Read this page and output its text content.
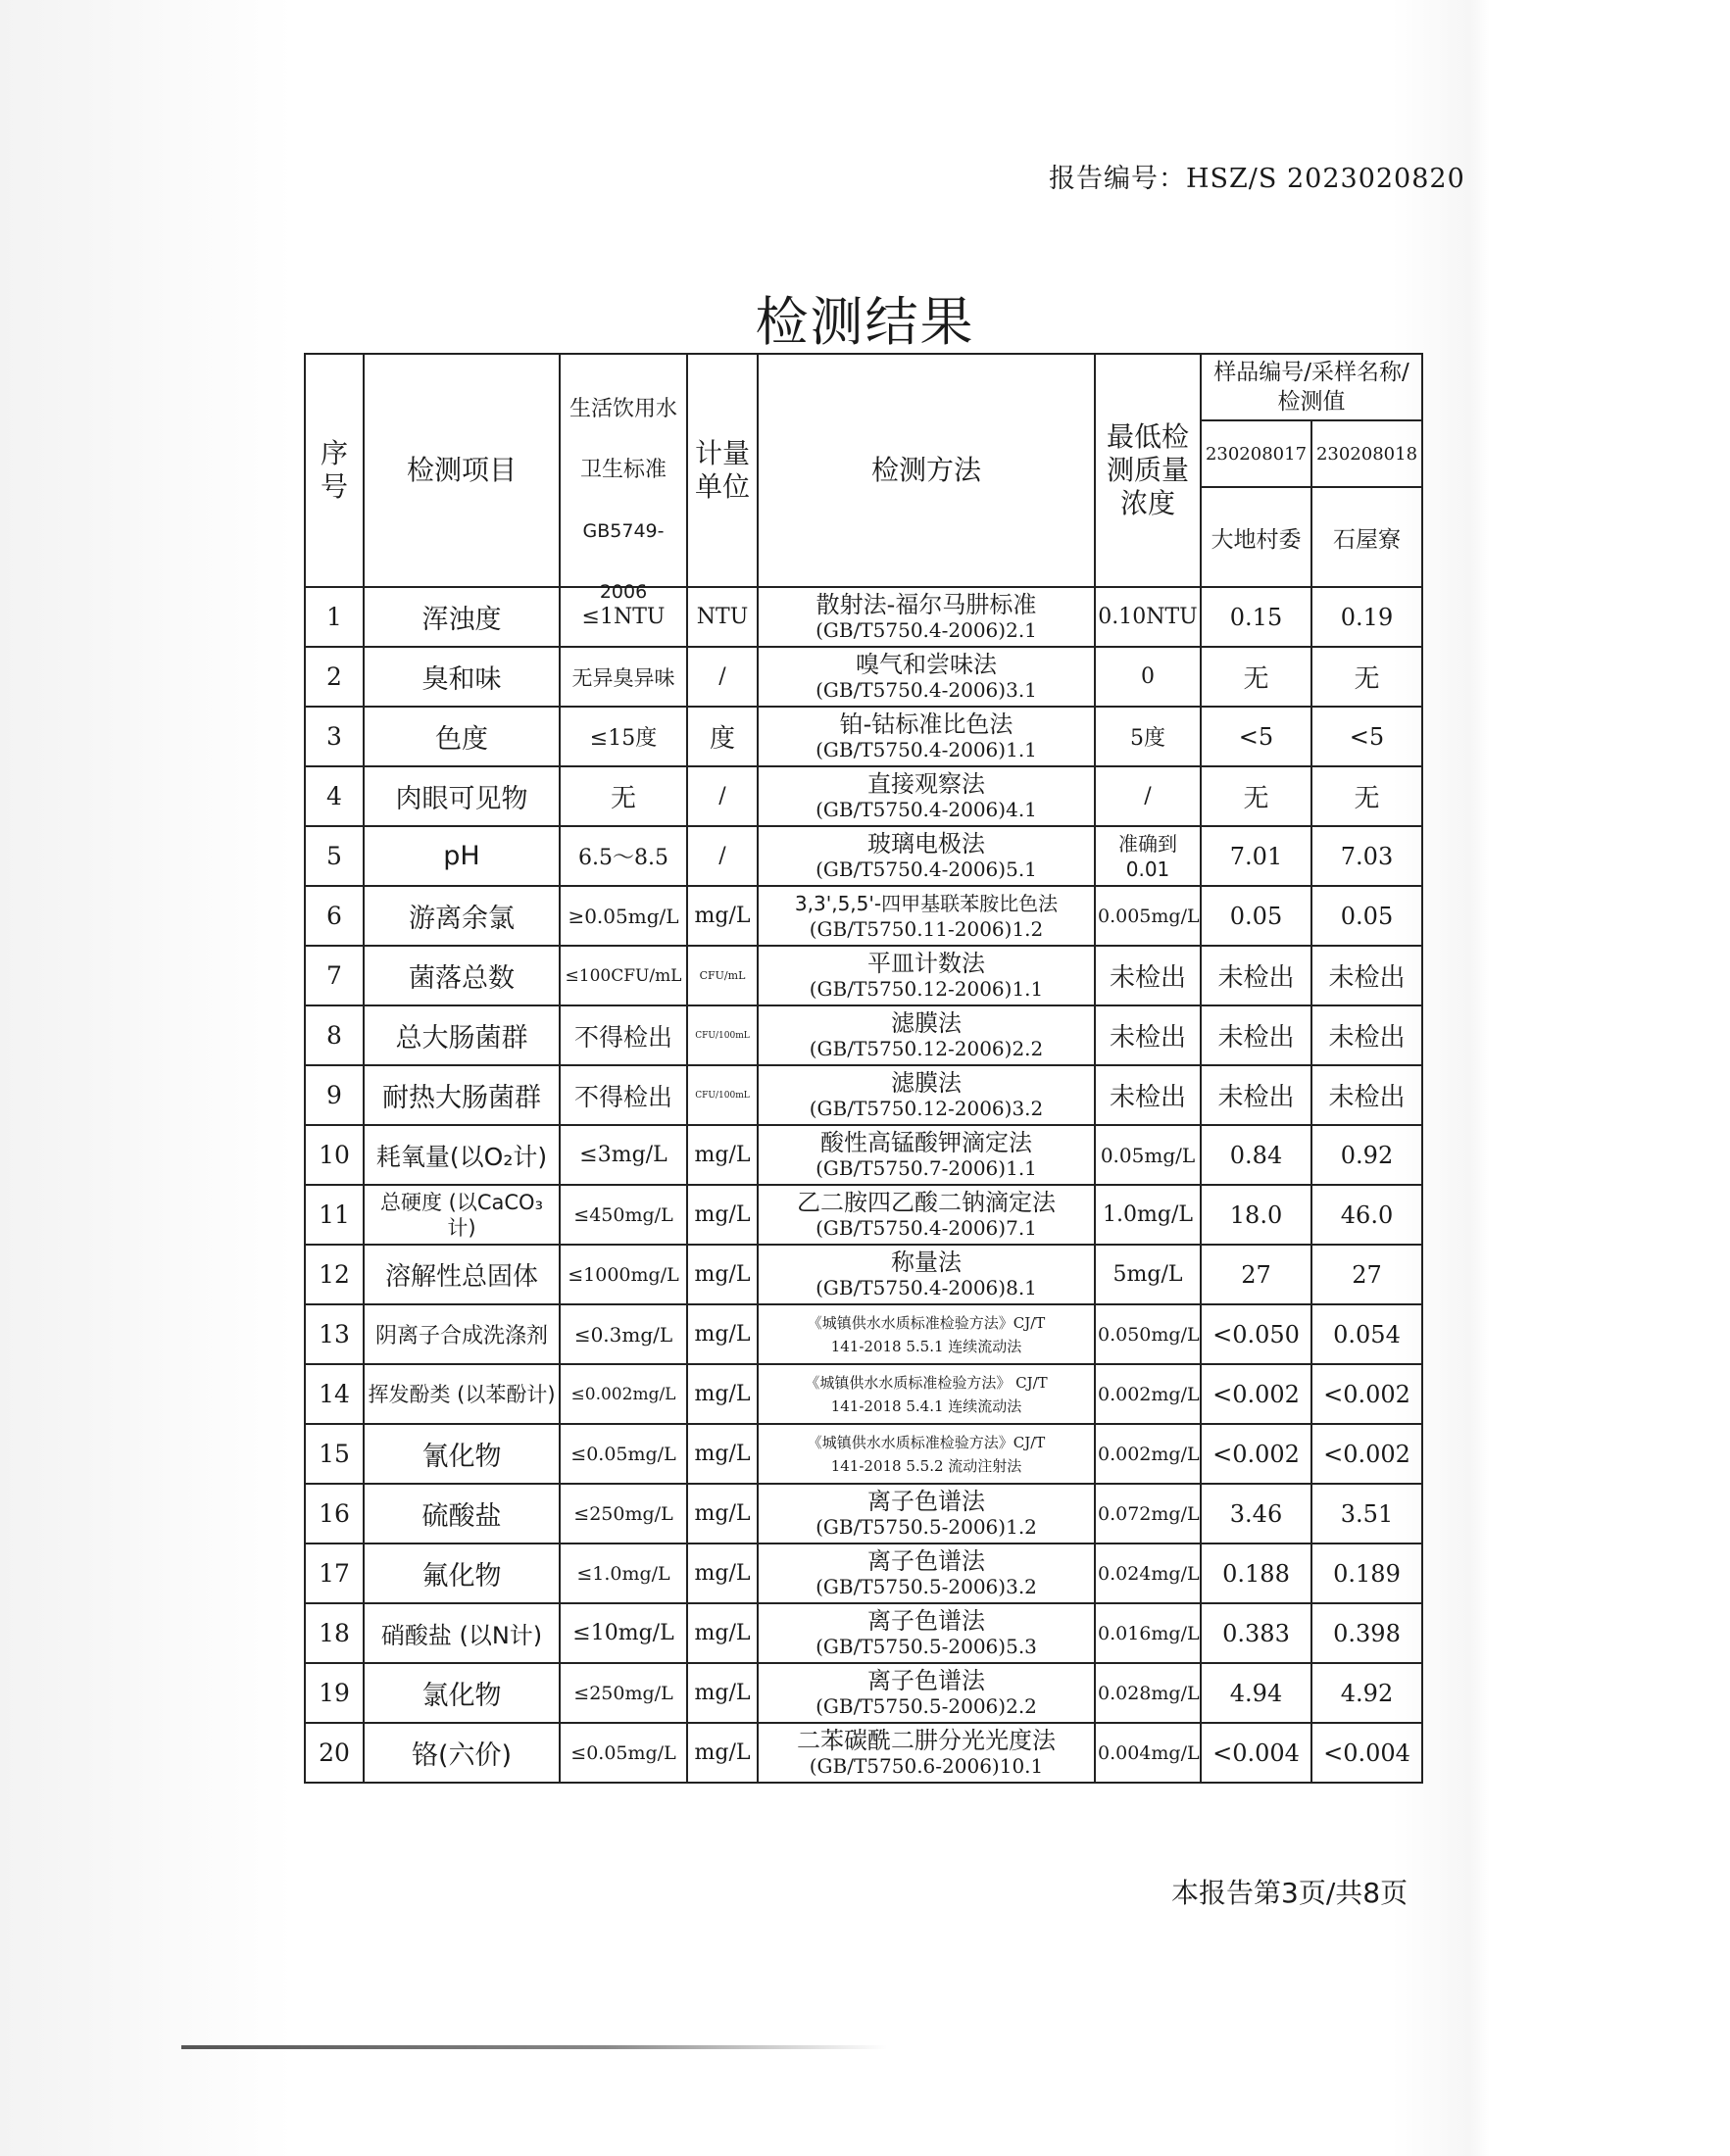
报告编号：HSZ/S 2023020820
检测结果
序号	检测项目	生活饮用水
卫生标准
GB5749-2006	计量单位	检测方法	最低检测质量浓度	样品编号/采样名称/检测值	
						230208017	230208018
						大地村委	石屋寮
1	浑浊度	≤1NTU	NTU	散射法-福尔马肼标准
(GB/T5750.4-2006)2.1	0.10NTU	0.15	0.19
2	臭和味	无异臭异味	/	嗅气和尝味法
(GB/T5750.4-2006)3.1	0	无	无
3	色度	≤15度	度	铂-钴标准比色法
(GB/T5750.4-2006)1.1	5度	<5	<5
4	肉眼可见物	无	/	直接观察法
(GB/T5750.4-2006)4.1	/	无	无
5	pH	6.5～8.5	/	玻璃电极法
(GB/T5750.4-2006)5.1	准确到 0.01	7.01	7.03
6	游离余氯	≥0.05mg/L	mg/L	3,3',5,5'-四甲基联苯胺比色法
(GB/T5750.11-2006)1.2	0.005mg/L	0.05	0.05
7	菌落总数	≤100CFU/mL	CFU/mL	平皿计数法
(GB/T5750.12-2006)1.1	未检出	未检出	未检出
8	总大肠菌群	不得检出	CFU/100mL	滤膜法
(GB/T5750.12-2006)2.2	未检出	未检出	未检出
9	耐热大肠菌群	不得检出	CFU/100mL	滤膜法
(GB/T5750.12-2006)3.2	未检出	未检出	未检出
10	耗氧量(以O₂计)	≤3mg/L	mg/L	酸性高锰酸钾滴定法
(GB/T5750.7-2006)1.1	0.05mg/L	0.84	0.92
11	总硬度 (以CaCO₃计)	≤450mg/L	mg/L	乙二胺四乙酸二钠滴定法
(GB/T5750.4-2006)7.1	1.0mg/L	18.0	46.0
12	溶解性总固体	≤1000mg/L	mg/L	称量法
(GB/T5750.4-2006)8.1	5mg/L	27	27
13	阴离子合成洗涤剂	≤0.3mg/L	mg/L	《城镇供水水质标准检验方法》CJ/T
141-2018 5.5.1 连续流动法	0.050mg/L	<0.050	0.054
14	挥发酚类 (以苯酚计)	≤0.002mg/L	mg/L	《城镇供水水质标准检验方法》 CJ/T
141-2018 5.4.1 连续流动法	0.002mg/L	<0.002	<0.002
15	氰化物	≤0.05mg/L	mg/L	《城镇供水水质标准检验方法》CJ/T
141-2018 5.5.2 流动注射法	0.002mg/L	<0.002	<0.002
16	硫酸盐	≤250mg/L	mg/L	离子色谱法
(GB/T5750.5-2006)1.2	0.072mg/L	3.46	3.51
17	氟化物	≤1.0mg/L	mg/L	离子色谱法
(GB/T5750.5-2006)3.2	0.024mg/L	0.188	0.189
18	硝酸盐 (以N计)	≤10mg/L	mg/L	离子色谱法
(GB/T5750.5-2006)5.3	0.016mg/L	0.383	0.398
19	氯化物	≤250mg/L	mg/L	离子色谱法
(GB/T5750.5-2006)2.2	0.028mg/L	4.94	4.92
20	铬(六价)	≤0.05mg/L	mg/L	二苯碳酰二肼分光光度法
(GB/T5750.6-2006)10.1	0.004mg/L	<0.004	<0.004
本报告第3页/共8页
